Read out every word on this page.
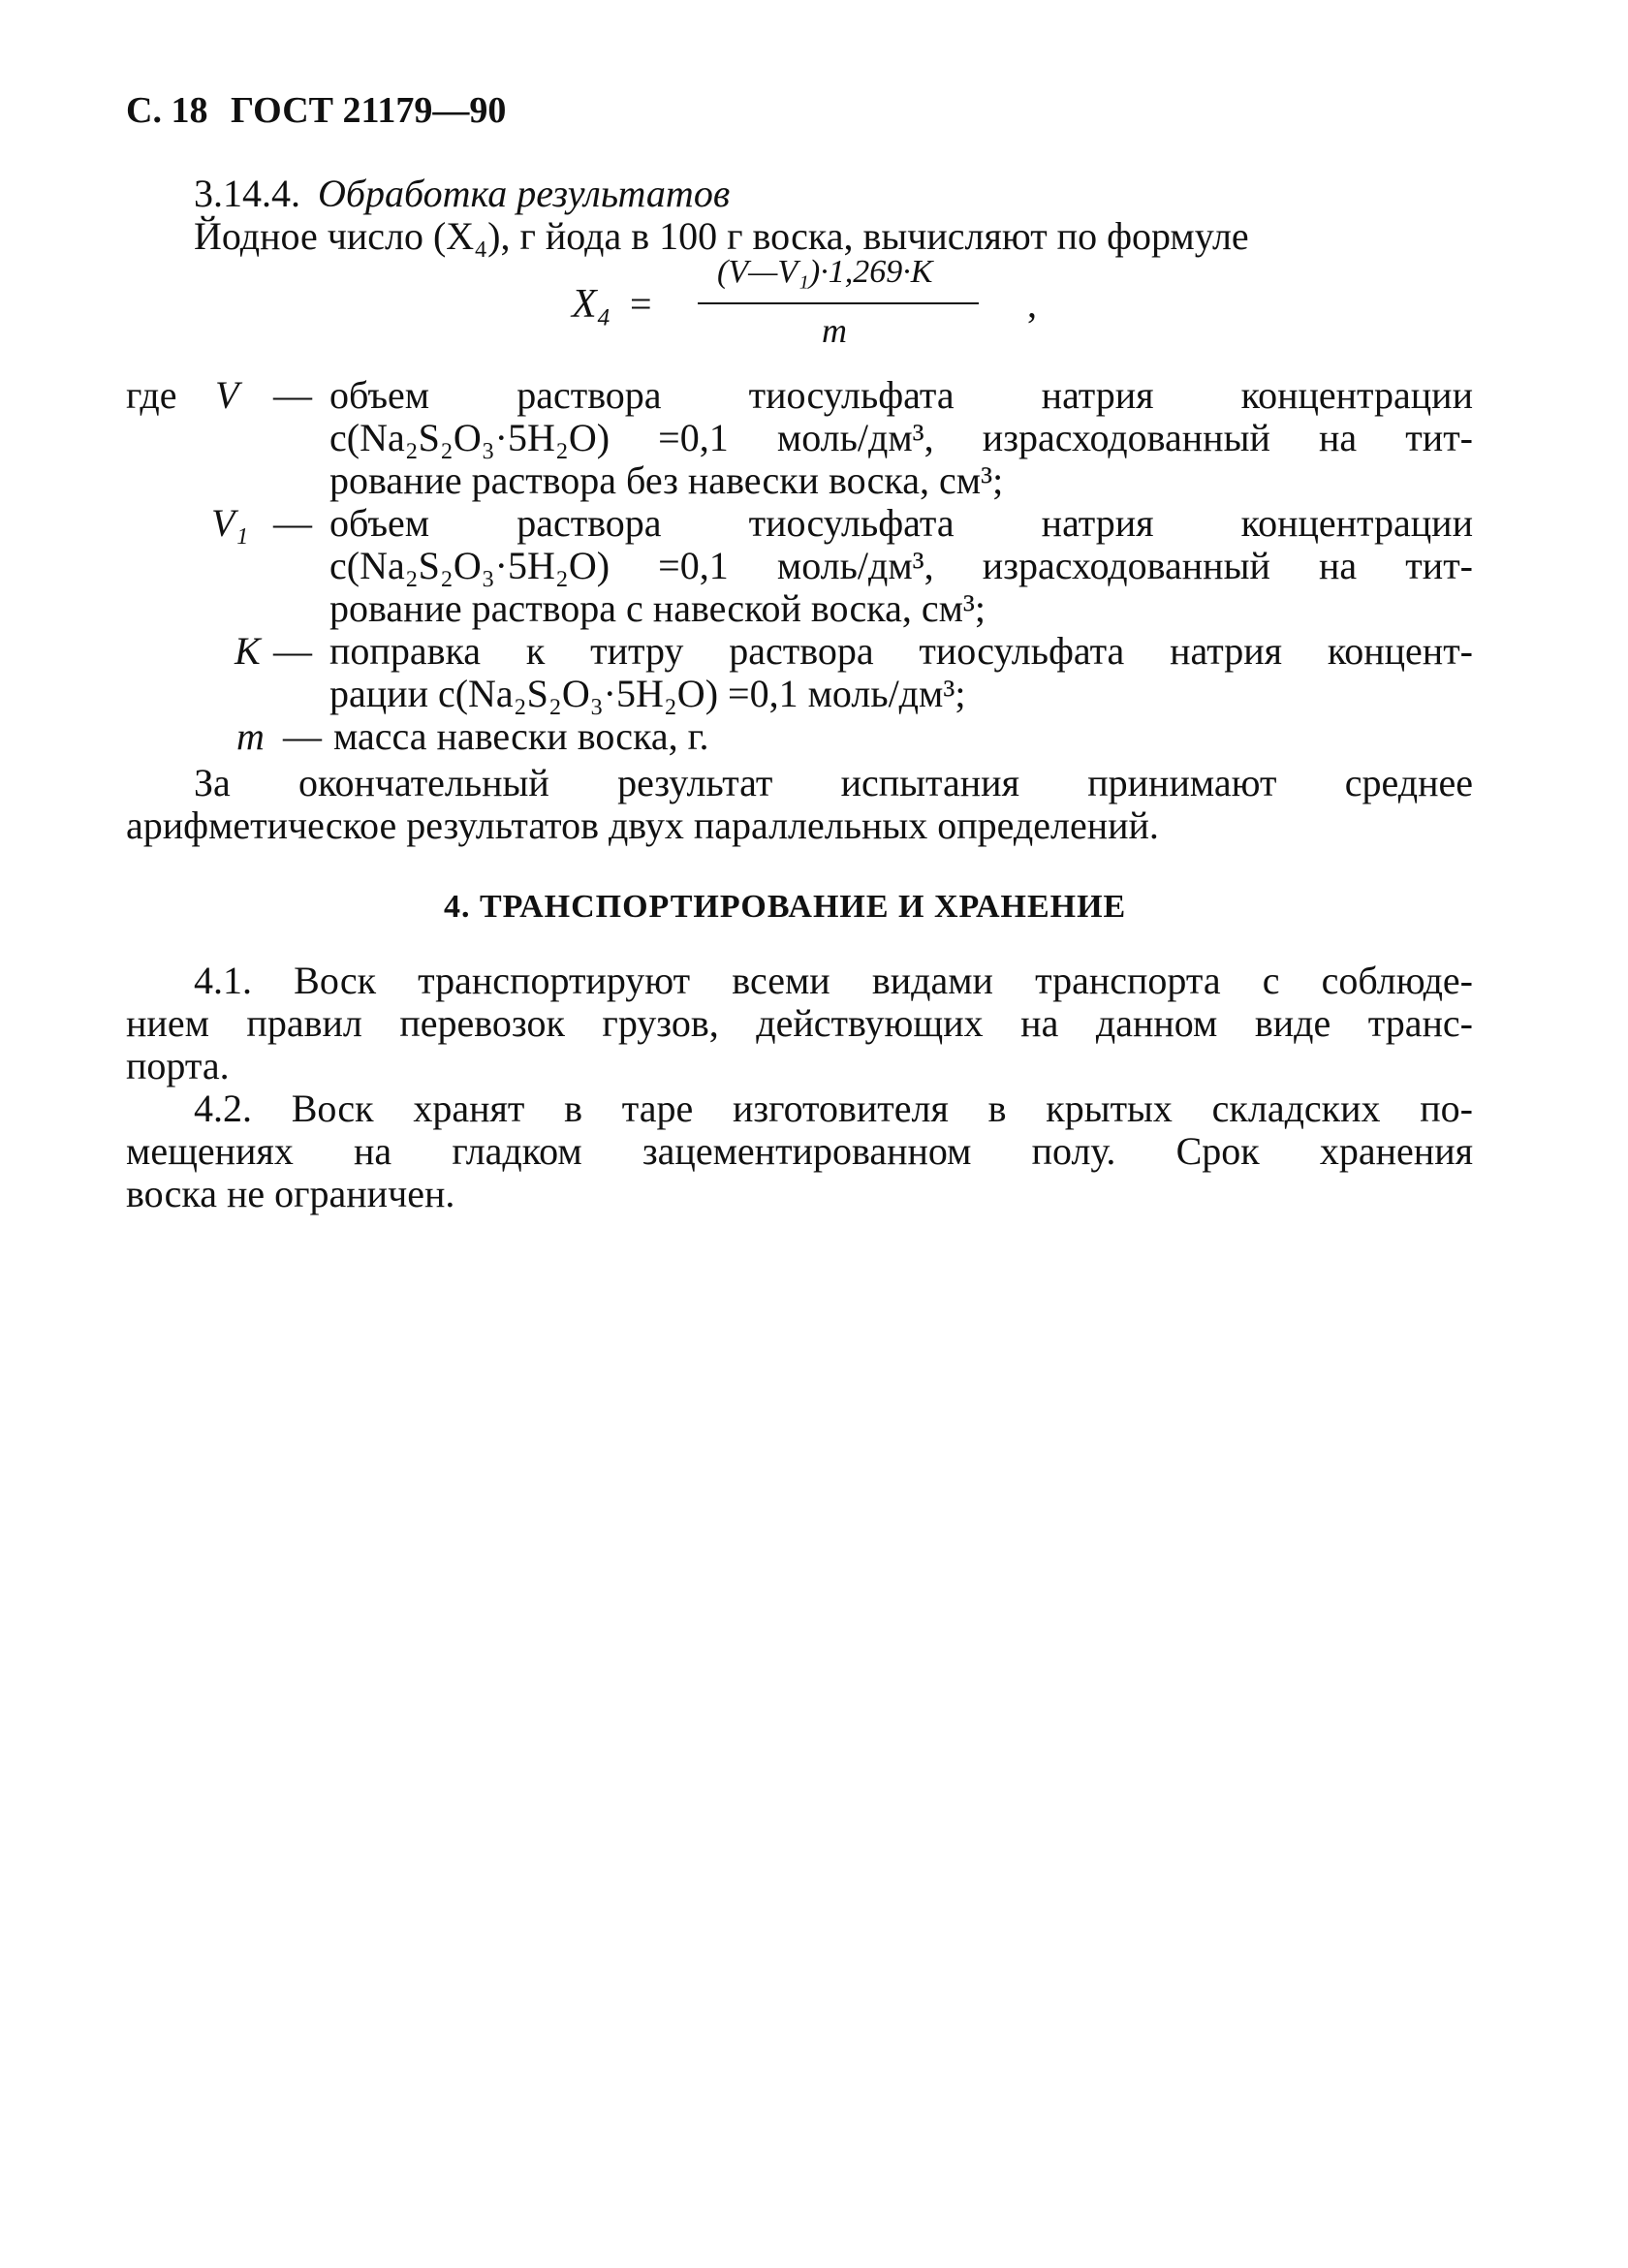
С. 18 ГОСТ 21179—90
3.14.4. Обработка результатов
Йодное число (X₄), г йода в 100 г воска, вычисляют по формуле
X₄ =
(V—V₁)·1,269·K
m
,
где V — объем раствора тиосульфата натрия концентрации
c(Na₂S₂O₃·5H₂O) =0,1 моль/дм³, израсходованный на тит-
рование раствора без навески воска, см³;
V₁ — объем раствора тиосульфата натрия концентрации
c(Na₂S₂O₃·5H₂O) =0,1 моль/дм³, израсходованный на тит-
рование раствора с навеской воска, см³;
K — поправка к титру раствора тиосульфата натрия концент-
рации c(Na₂S₂O₃·5H₂O) =0,1 моль/дм³;
m — масса навески воска, г.
За окончательный результат испытания принимают среднее
арифметическое результатов двух параллельных определений.
4. ТРАНСПОРТИРОВАНИЕ И ХРАНЕНИЕ
4.1. Воск транспортируют всеми видами транспорта с соблюде-
нием правил перевозок грузов, действующих на данном виде транс-
порта.
4.2. Воск хранят в таре изготовителя в крытых складских по-
мещениях на гладком зацементированном полу. Срок хранения
воска не ограничен.
